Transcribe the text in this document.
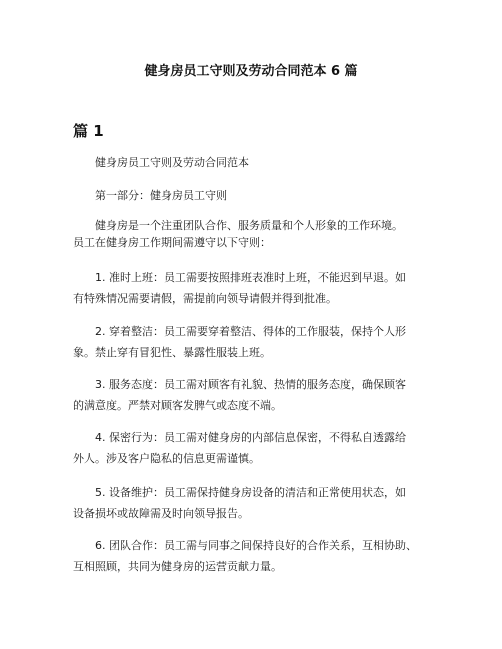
健身房员工守则及劳动合同范本 6 篇
篇 1
健身房员工守则及劳动合同范本
第一部分：健身房员工守则
健身房是一个注重团队合作、服务质量和个人形象的工作环境。
员工在健身房工作期间需遵守以下守则：
1. 准时上班：员工需要按照排班表准时上班，不能迟到早退。如
有特殊情况需要请假，需提前向领导请假并得到批准。
2. 穿着整洁：员工需要穿着整洁、得体的工作服装，保持个人形
象。禁止穿有冒犯性、暴露性服装上班。
3. 服务态度：员工需对顾客有礼貌、热情的服务态度，确保顾客
的满意度。严禁对顾客发脾气或态度不端。
4. 保密行为：员工需对健身房的内部信息保密，不得私自透露给
外人。涉及客户隐私的信息更需谨慎。
5. 设备维护：员工需保持健身房设备的清洁和正常使用状态，如
设备损坏或故障需及时向领导报告。
6. 团队合作：员工需与同事之间保持良好的合作关系，互相协助、
互相照顾，共同为健身房的运营贡献力量。
